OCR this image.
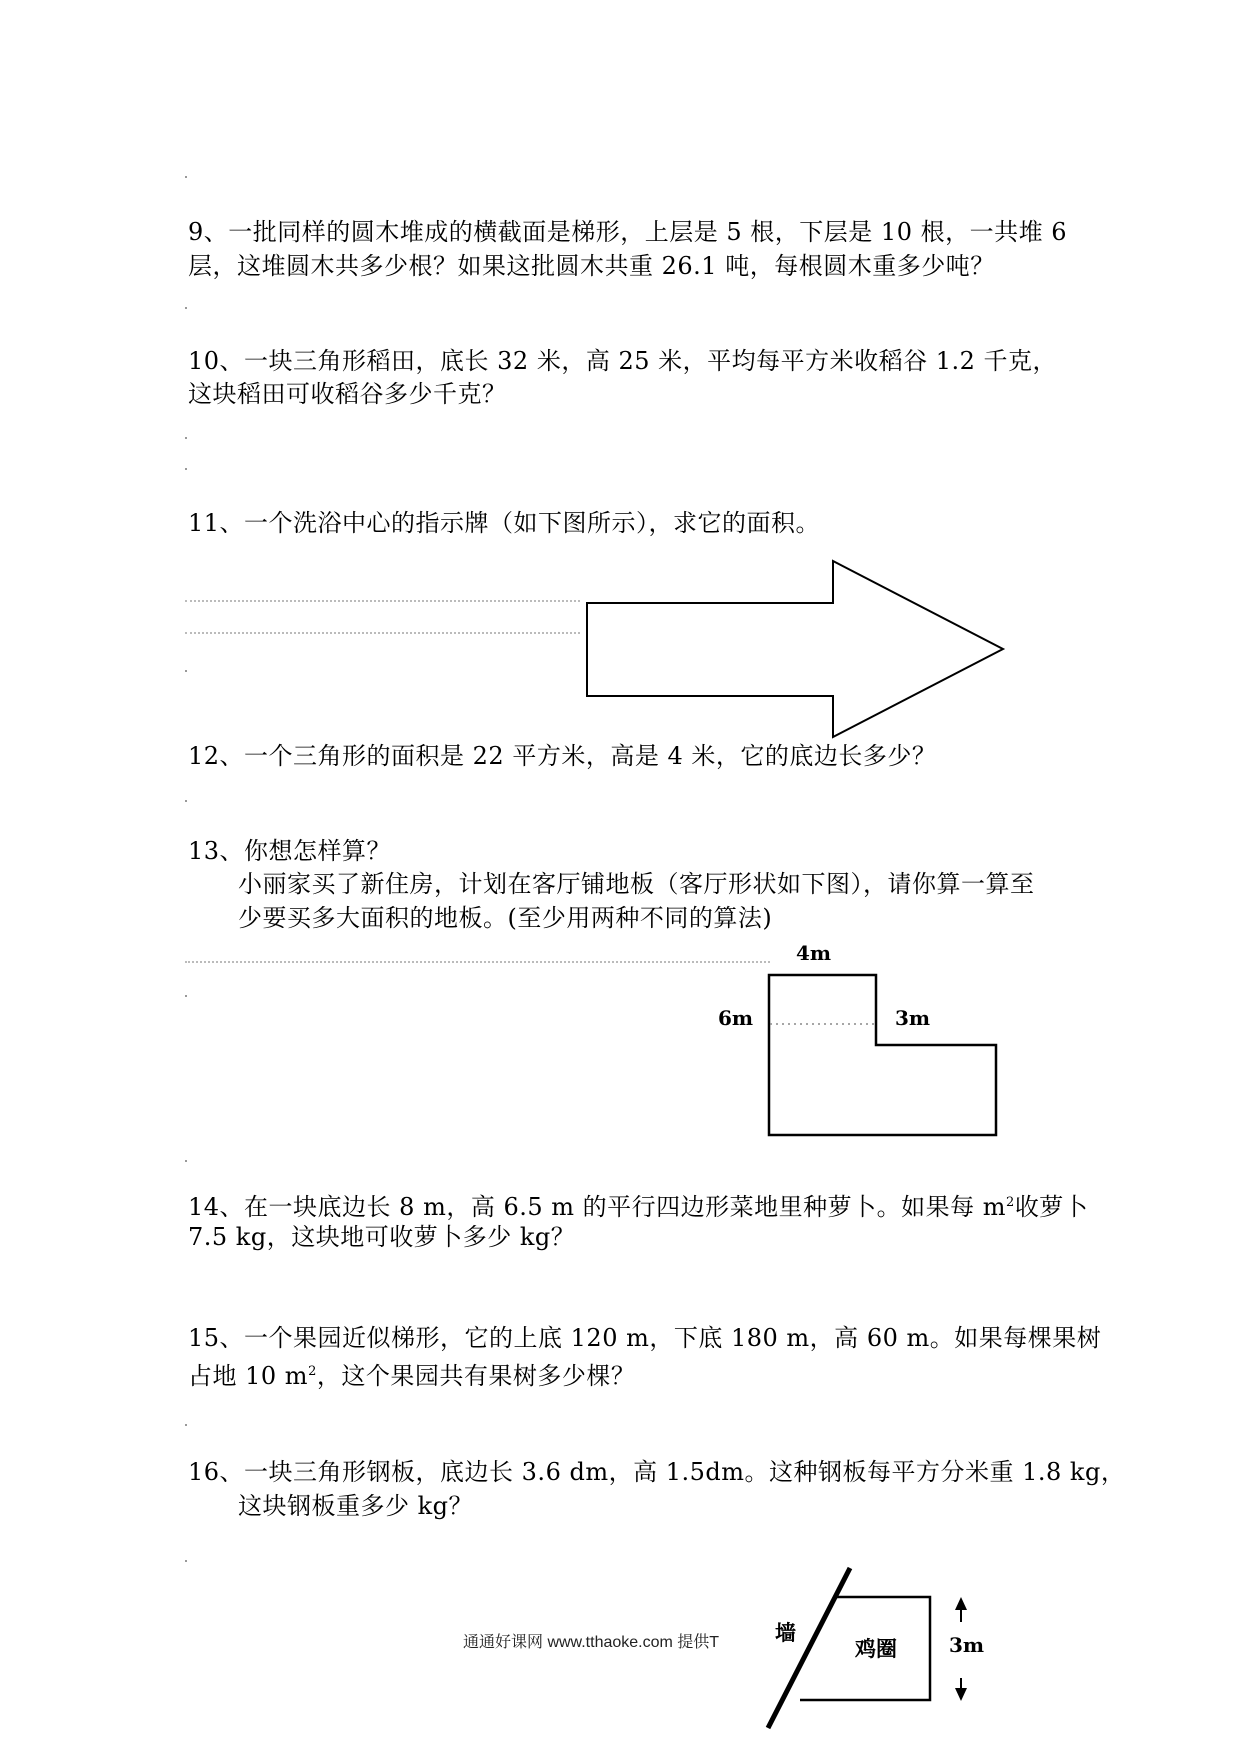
9、一批同样的圆木堆成的横截面是梯形，上层是 5 根，下层是 10 根，一共堆 6
层，这堆圆木共多少根？如果这批圆木共重 26.1 吨，每根圆木重多少吨？
10、一块三角形稻田，底长 32 米，高 25 米，平均每平方米收稻谷 1.2 千克，
这块稻田可收稻谷多少千克？
11、一个洗浴中心的指示牌（如下图所示），求它的面积。
12、一个三角形的面积是 22 平方米，高是 4 米，它的底边长多少？
13、你想怎样算？
小丽家买了新住房，计划在客厅铺地板（客厅形状如下图），请你算一算至
少要买多大面积的地板。(至少用两种不同的算法)
14、在一块底边长 8 m，高 6.5 m 的平行四边形菜地里种萝卜。如果每 $m^2$收萝卜
7.5 kg，这块地可收萝卜多少 kg？
15、一个果园近似梯形，它的上底 120 m，下底 180 m，高 60 m。如果每棵果树
占地 10 $m^2$，这个果园共有果树多少棵？
16、一块三角形钢板，底边长 3.6 dm，高 1.5dm。这种钢板每平方分米重 1.8 kg，
这块钢板重多少 kg？
4m
6m	3m
墙
鸡圈	3m
通通好课网 www.tthaoke.com 提供T
